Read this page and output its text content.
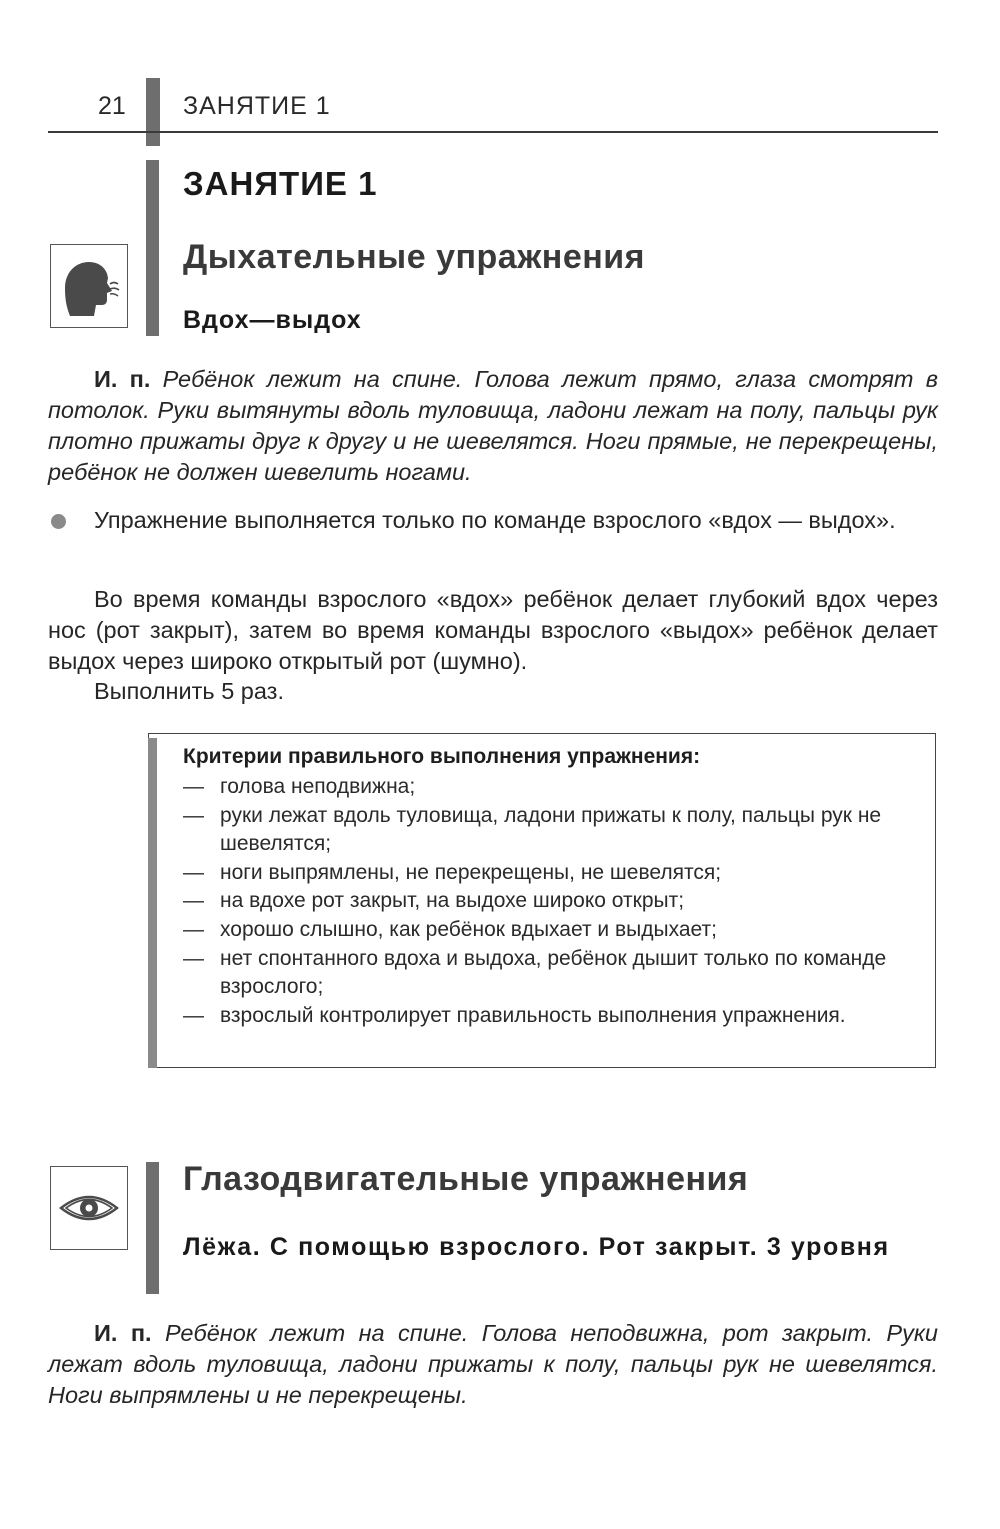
21 ЗАНЯТИЕ 1
ЗАНЯТИЕ 1
Дыхательные упражнения
Вдох—выдох
И. п. Ребёнок лежит на спине. Голова лежит прямо, глаза смотрят в потолок. Руки вытянуты вдоль туловища, ладони лежат на полу, пальцы рук плотно прижаты друг к другу и не шевелятся. Ноги прямые, не перекрещены, ребёнок не должен шевелить ногами.
Упражнение выполняется только по команде взрослого «вдох — выдох».
Во время команды взрослого «вдох» ребёнок делает глубокий вдох через нос (рот закрыт), затем во время команды взрослого «выдох» ребёнок делает выдох через широко открытый рот (шумно).
Выполнить 5 раз.
Критерии правильного выполнения упражнения:
— голова неподвижна;
— руки лежат вдоль туловища, ладони прижаты к полу, пальцы рук не шевелятся;
— ноги выпрямлены, не перекрещены, не шевелятся;
— на вдохе рот закрыт, на выдохе широко открыт;
— хорошо слышно, как ребёнок вдыхает и выдыхает;
— нет спонтанного вдоха и выдоха, ребёнок дышит только по команде взрослого;
— взрослый контролирует правильность выполнения упражнения.
Глазодвигательные упражнения
Лёжа. С помощью взрослого. Рот закрыт. 3 уровня
И. п. Ребёнок лежит на спине. Голова неподвижна, рот закрыт. Руки лежат вдоль туловища, ладони прижаты к полу, пальцы рук не шевелятся. Ноги выпрямлены и не перекрещены.
